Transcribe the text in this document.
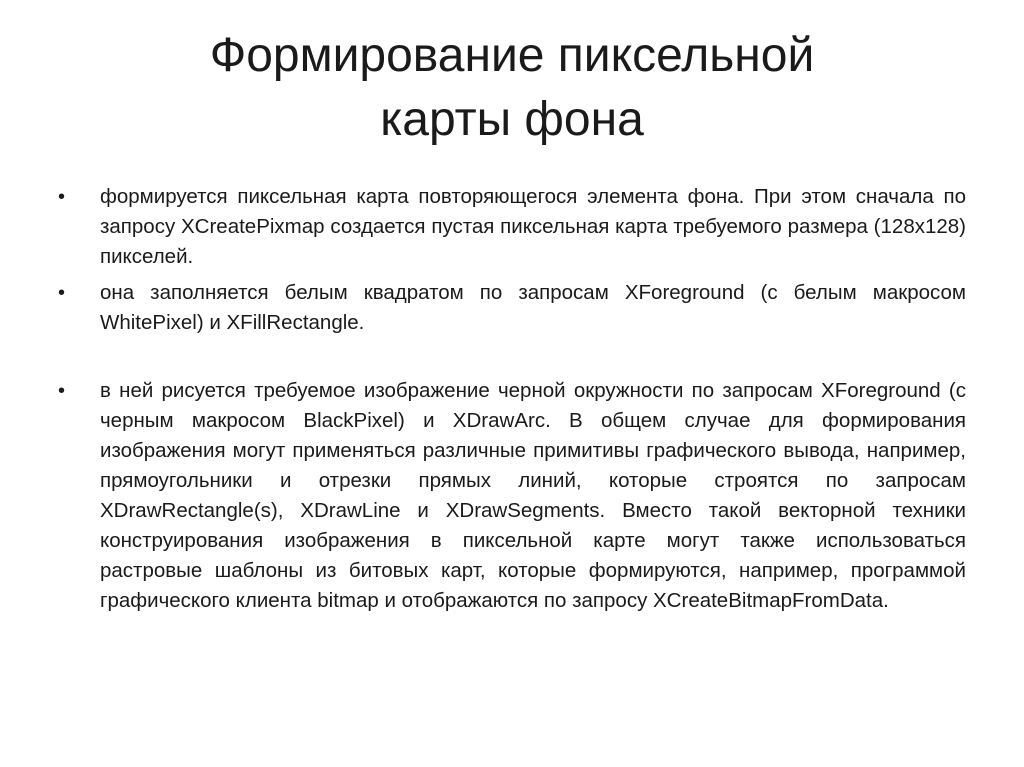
Формирование пиксельной
карты фона
• формируется пиксельная карта повторяющегося элемента фона. При этом сначала по запросу XCreatePixmap создается пустая пиксельная карта требуемого размера (128x128) пикселей.
• она заполняется белым квадратом по запросам XForeground (с белым макросом WhitePixel) и XFillRectangle.
• в ней рисуется требуемое изображение черной окружности по запросам XForeground (с черным макросом BlackPixel) и XDrawArc. В общем случае для формирования изображения могут применяться различные примитивы графического вывода, например, прямоугольники и отрезки прямых линий, которые строятся по запросам XDrawRectangle(s), XDrawLine и XDrawSegments. Вместо такой векторной техники конструирования изображения в пиксельной карте могут также использоваться растровые шаблоны из битовых карт, которые формируются, например, программой графического клиента bitmap и отображаются по запросу XCreateBitmapFromData.
